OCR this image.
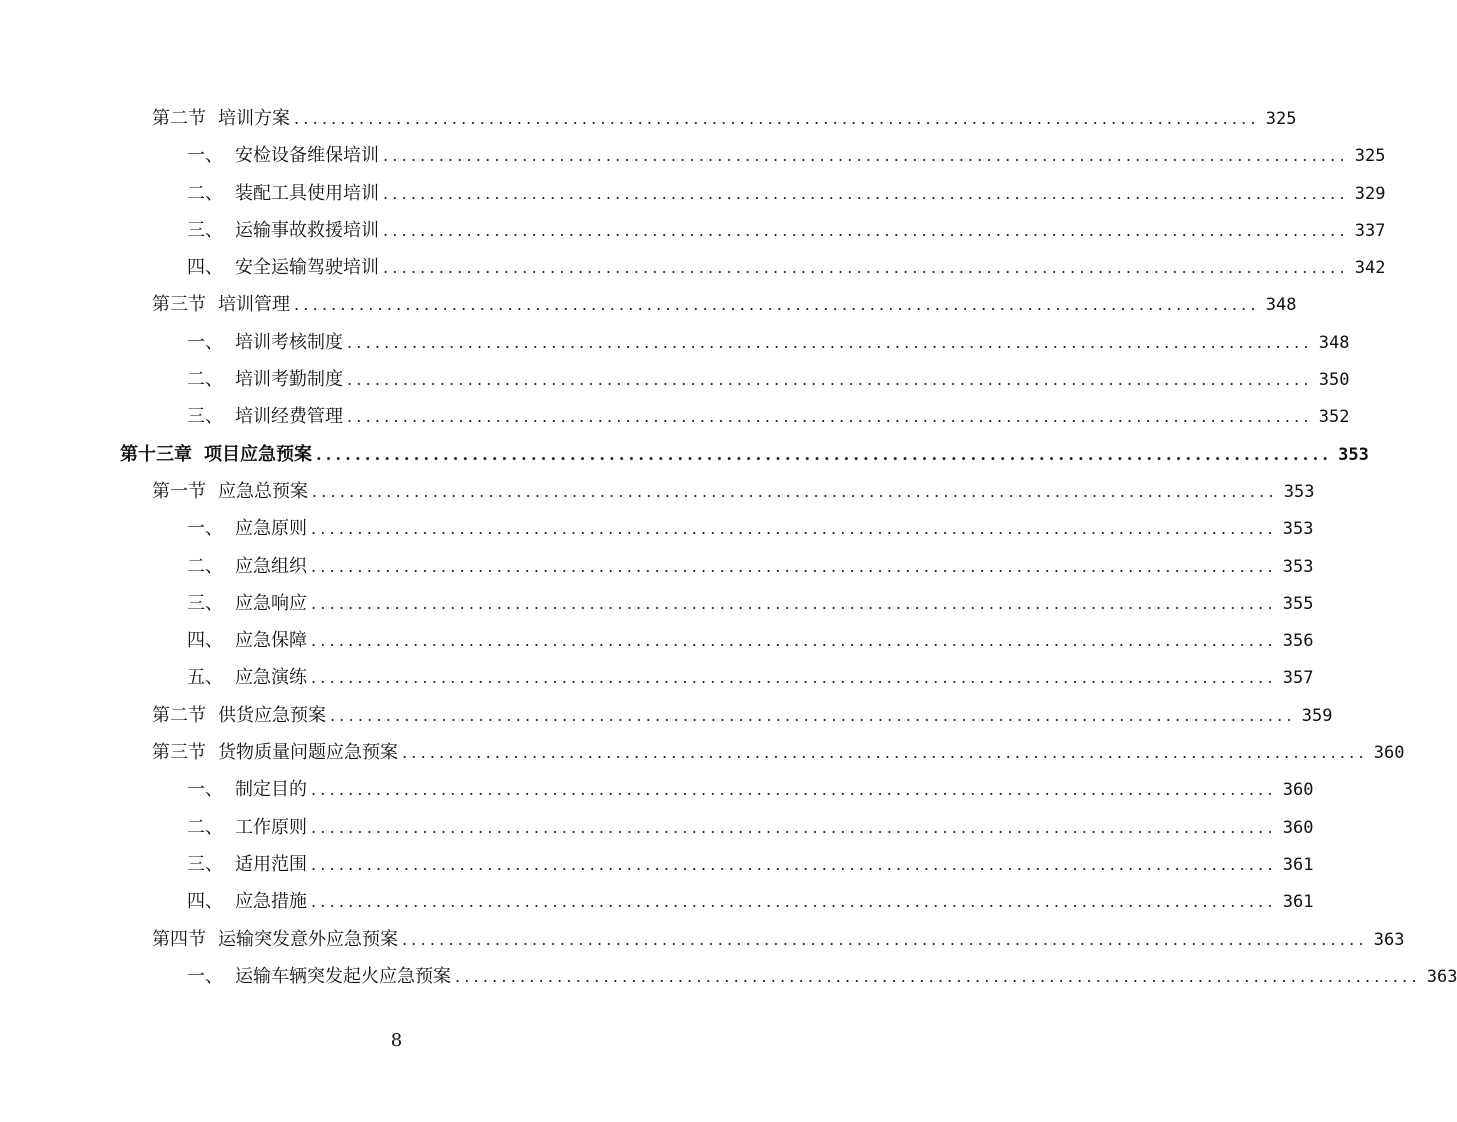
第二节 培训方案 ........................................................................................................ 325
一、 安检设备维保培训 ........................................................................................................ 325
二、 装配工具使用培训 ........................................................................................................ 329
三、 运输事故救援培训 ........................................................................................................ 337
四、 安全运输驾驶培训 ........................................................................................................ 342
第三节 培训管理 ........................................................................................................ 348
一、 培训考核制度 ........................................................................................................ 348
二、 培训考勤制度 ........................................................................................................ 350
三、 培训经费管理 ........................................................................................................ 352
第十三章 项目应急预案 ........................................................................................................ 353
第一节 应急总预案 ........................................................................................................ 353
一、 应急原则 ........................................................................................................ 353
二、 应急组织 ........................................................................................................ 353
三、 应急响应 ........................................................................................................ 355
四、 应急保障 ........................................................................................................ 356
五、 应急演练 ........................................................................................................ 357
第二节 供货应急预案 ........................................................................................................ 359
第三节 货物质量问题应急预案 ........................................................................................................ 360
一、 制定目的 ........................................................................................................ 360
二、 工作原则 ........................................................................................................ 360
三、 适用范围 ........................................................................................................ 361
四、 应急措施 ........................................................................................................ 361
第四节 运输突发意外应急预案 ........................................................................................................ 363
一、 运输车辆突发起火应急预案 ........................................................................................................ 363
8
